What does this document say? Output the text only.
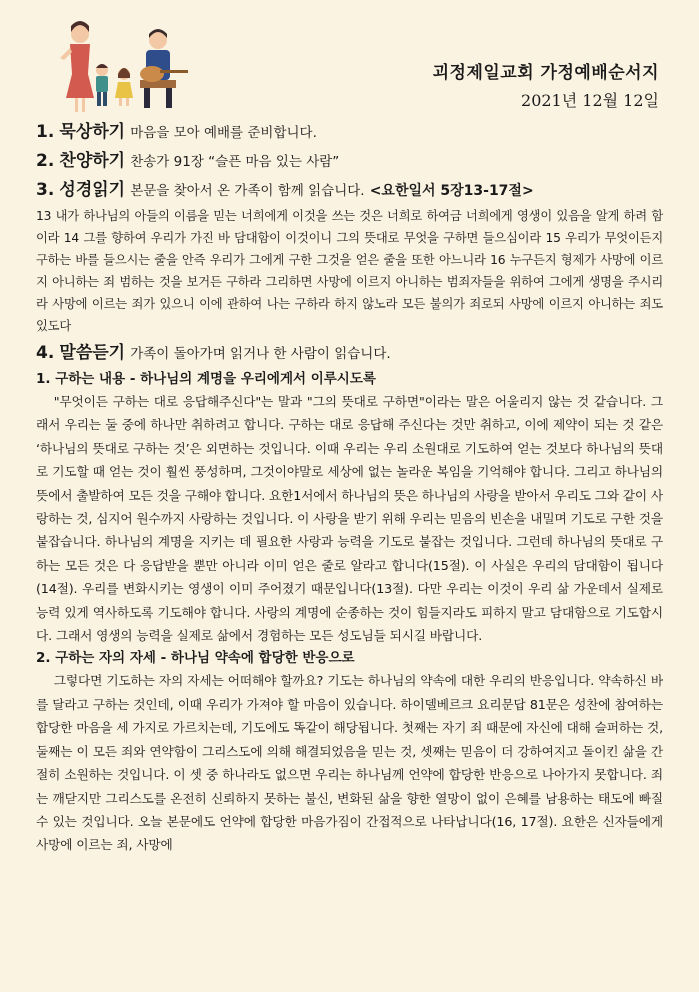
괴정제일교회 가정예배순서지
2021년 12월 12일

1. 묵상하기 마음을 모아 예배를 준비합니다.

2. 찬양하기 찬송가 91장 “슬픈 마음 있는 사람”

3. 성경읽기 본문을 찾아서 온 가족이 함께 읽습니다. <요한일서 5장13-17절>

13 내가 하나님의 아들의 이름을 믿는 너희에게 이것을 쓰는 것은 너희로 하여금 너희에게 영생이 있음을 알게 하려 함이라 14 그를 향하여 우리가 가진 바 담대함이 이것이니 그의 뜻대로 무엇을 구하면 들으심이라 15 우리가 무엇이든지 구하는 바를 들으시는 줄을 안즉 우리가 그에게 구한 그것을 얻은 줄을 또한 아느니라 16 누구든지 형제가 사망에 이르지 아니하는 죄 범하는 것을 보거든 구하라 그리하면 사망에 이르지 아니하는 범죄자들을 위하여 그에게 생명을 주시리라 사망에 이르는 죄가 있으니 이에 관하여 나는 구하라 하지 않노라 모든 불의가 죄로되 사망에 이르지 아니하는 죄도 있도다

4. 말씀듣기 가족이 돌아가며 읽거나 한 사람이 읽습니다.

1. 구하는 내용 - 하나님의 계명을 우리에게서 이루시도록

"무엇이든 구하는 대로 응답해주신다"는 말과 "그의 뜻대로 구하면"이라는 말은 어울리지 않는 것 같습니다. 그래서 우리는 둘 중에 하나만 취하려고 합니다. 구하는 대로 응답해 주신다는 것만 취하고, 이에 제약이 되는 것 같은 ‘하나님의 뜻대로 구하는 것’은 외면하는 것입니다. 이때 우리는 우리 소원대로 기도하여 얻는 것보다 하나님의 뜻대로 기도할 때 얻는 것이 훨씬 풍성하며, 그것이야말로 세상에 없는 놀라운 복임을 기억해야 합니다. 그리고 하나님의 뜻에서 출발하여 모든 것을 구해야 합니다. 요한1서에서 하나님의 뜻은 하나님의 사랑을 받아서 우리도 그와 같이 사랑하는 것, 심지어 원수까지 사랑하는 것입니다. 이 사랑을 받기 위해 우리는 믿음의 빈손을 내밀며 기도로 구한 것을 붙잡습니다. 하나님의 계명을 지키는 데 필요한 사랑과 능력을 기도로 붙잡는 것입니다. 그런데 하나님의 뜻대로 구하는 모든 것은 다 응답받을 뿐만 아니라 이미 얻은 줄로 알라고 합니다(15절). 이 사실은 우리의 담대함이 됩니다(14절). 우리를 변화시키는 영생이 이미 주어졌기 때문입니다(13절). 다만 우리는 이것이 우리 삶 가운데서 실제로 능력 있게 역사하도록 기도해야 합니다. 사랑의 계명에 순종하는 것이 힘들지라도 피하지 말고 담대함으로 기도합시다. 그래서 영생의 능력을 실제로 삶에서 경험하는 모든 성도님들 되시길 바랍니다.

2. 구하는 자의 자세 - 하나님 약속에 합당한 반응으로

그렇다면 기도하는 자의 자세는 어떠해야 할까요? 기도는 하나님의 약속에 대한 우리의 반응입니다. 약속하신 바를 달라고 구하는 것인데, 이때 우리가 가져야 할 마음이 있습니다. 하이델베르크 요리문답 81문은 성찬에 참여하는 합당한 마음을 세 가지로 가르치는데, 기도에도 똑같이 해당됩니다. 첫째는 자기 죄 때문에 자신에 대해 슬퍼하는 것, 둘째는 이 모든 죄와 연약함이 그리스도에 의해 해결되었음을 믿는 것, 셋째는 믿음이 더 강하여지고 돌이킨 삶을 간절히 소원하는 것입니다. 이 셋 중 하나라도 없으면 우리는 하나님께 언약에 합당한 반응으로 나아가지 못합니다. 죄는 깨닫지만 그리스도를 온전히 신뢰하지 못하는 불신, 변화된 삶을 향한 열망이 없이 은혜를 남용하는 태도에 빠질 수 있는 것입니다. 오늘 본문에도 언약에 합당한 마음가짐이 간접적으로 나타납니다(16, 17절). 요한은 신자들에게 사망에 이르는 죄, 사망에
